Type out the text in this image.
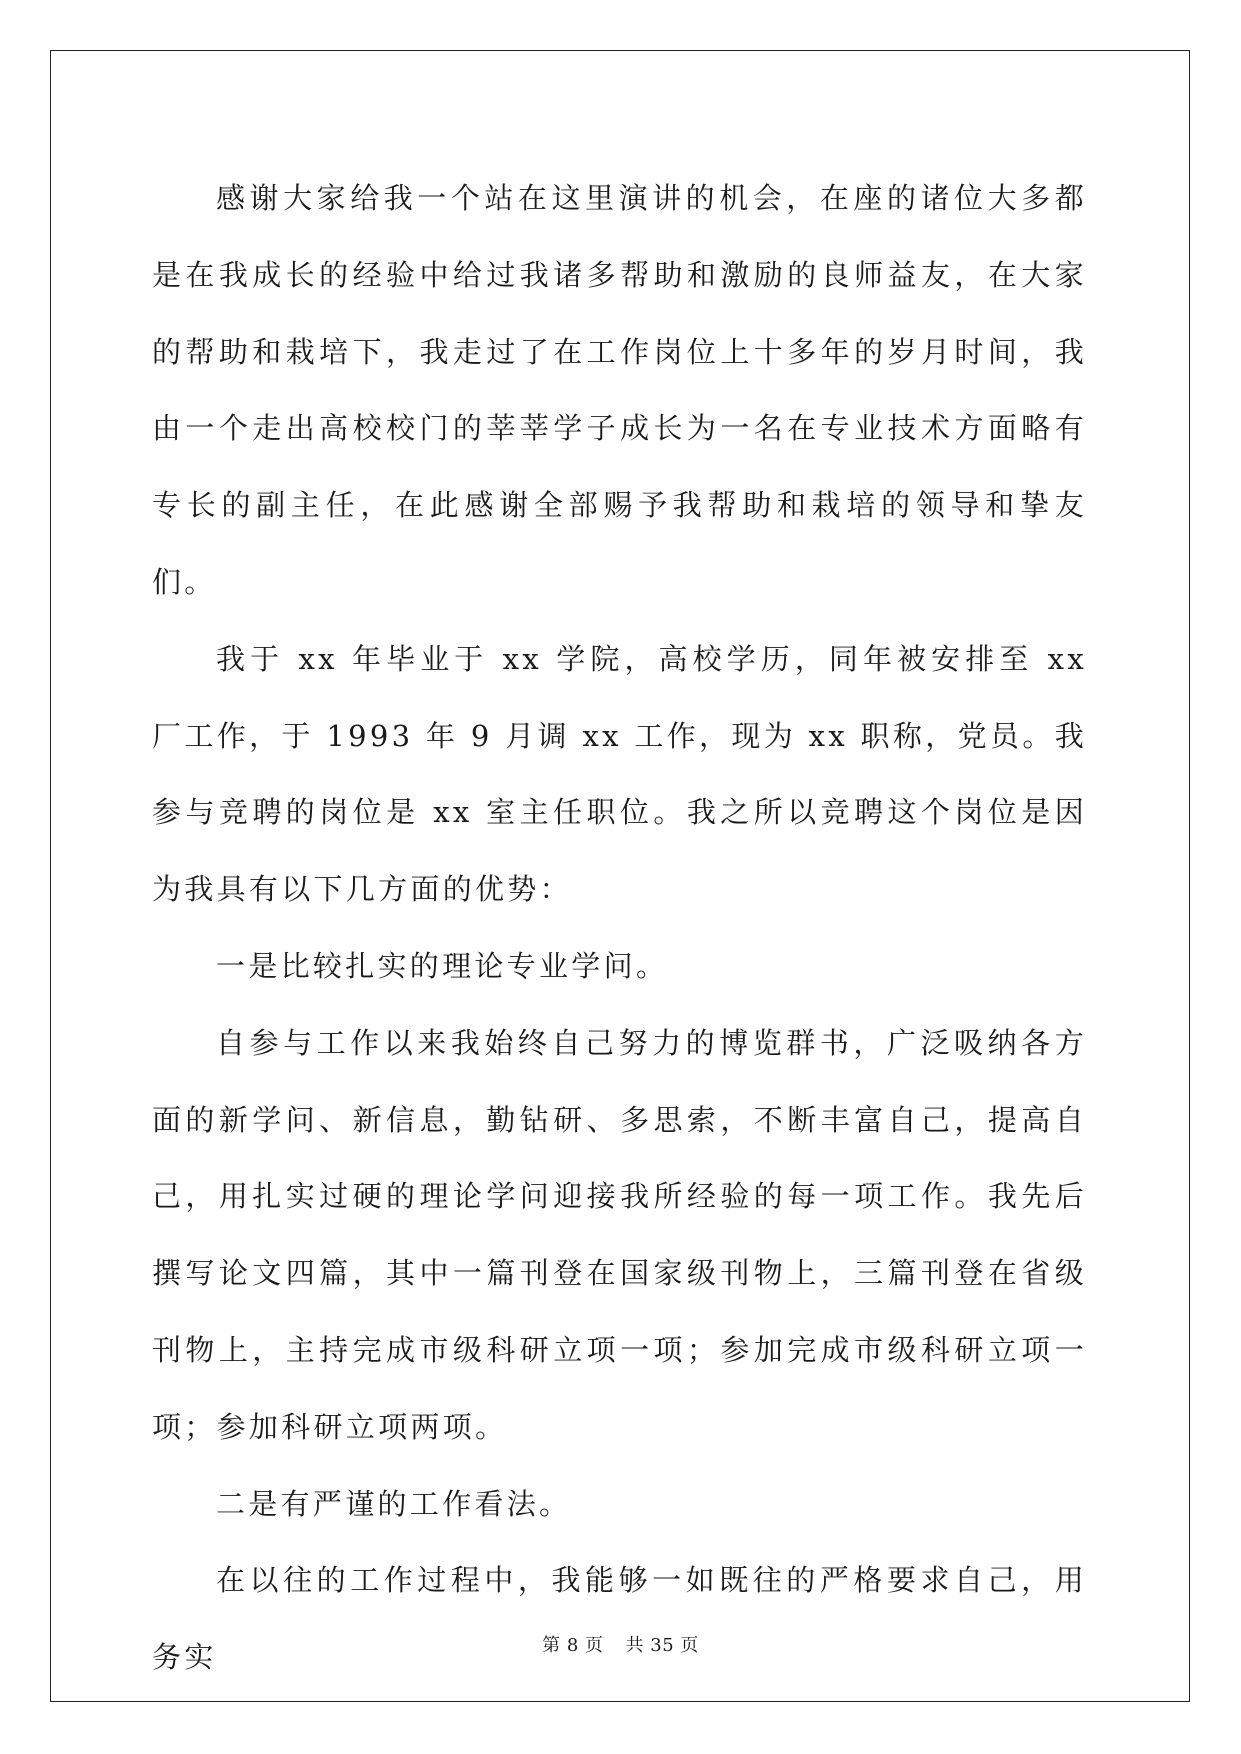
感谢大家给我一个站在这里演讲的机会，在座的诸位大多都是在我成长的经验中给过我诸多帮助和激励的良师益友，在大家的帮助和栽培下，我走过了在工作岗位上十多年的岁月时间，我由一个走出高校校门的莘莘学子成长为一名在专业技术方面略有专长的副主任，在此感谢全部赐予我帮助和栽培的领导和挚友们。

我于 xx 年毕业于 xx 学院，高校学历，同年被安排至 xx 厂工作，于 1993 年 9 月调 xx 工作，现为 xx 职称，党员。我参与竞聘的岗位是 xx 室主任职位。我之所以竞聘这个岗位是因为我具有以下几方面的优势：

一是比较扎实的理论专业学问。

自参与工作以来我始终自己努力的博览群书，广泛吸纳各方面的新学问、新信息，勤钻研、多思索，不断丰富自己，提高自己，用扎实过硬的理论学问迎接我所经验的每一项工作。我先后撰写论文四篇，其中一篇刊登在国家级刊物上，三篇刊登在省级刊物上，主持完成市级科研立项一项；参加完成市级科研立项一项；参加科研立项两项。

二是有严谨的工作看法。

在以往的工作过程中，我能够一如既往的严格要求自己，用务实	第 8 页 共 35 页
